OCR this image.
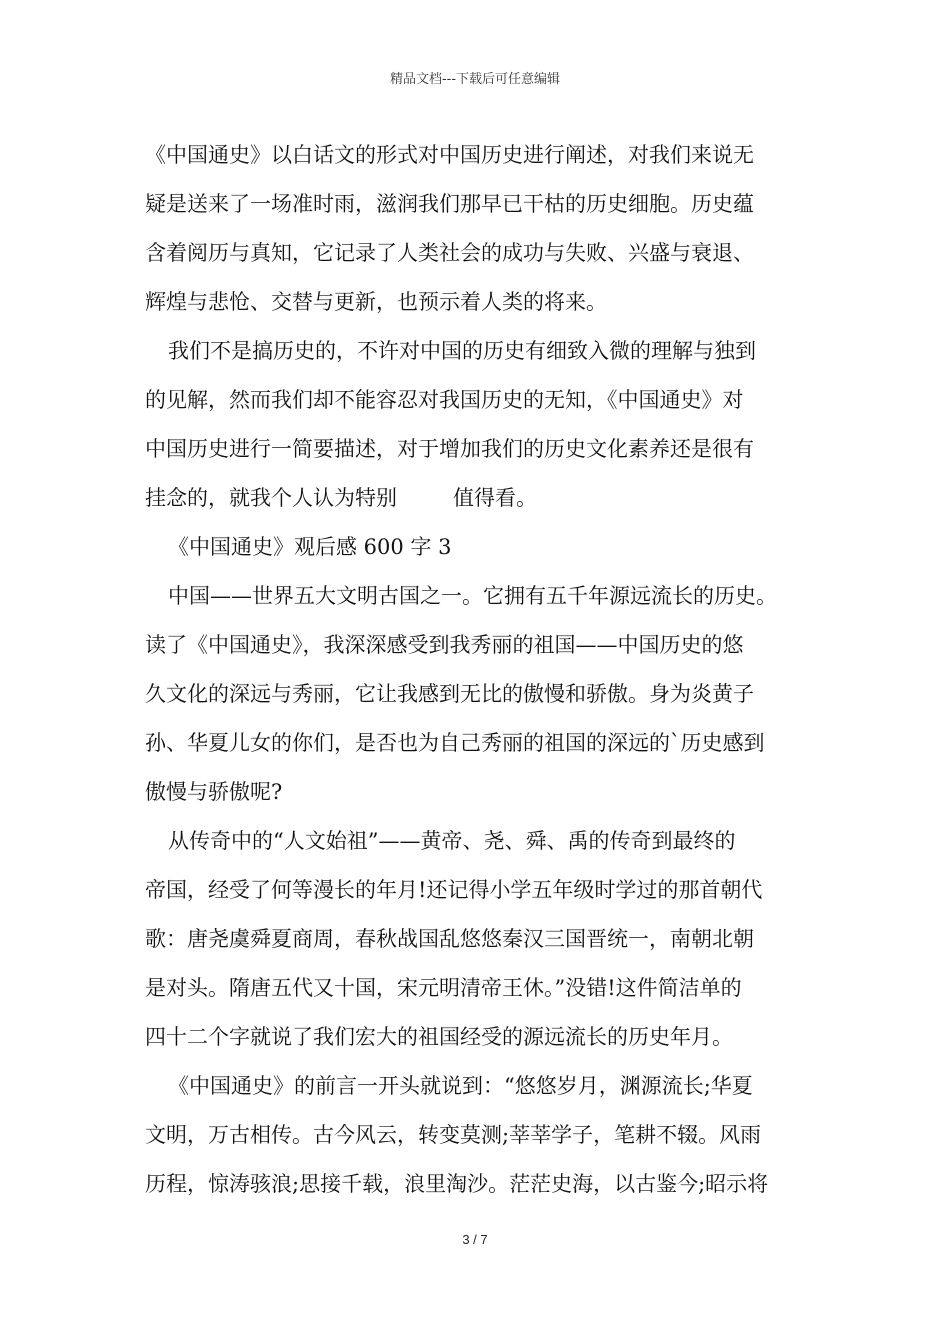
精品文档---下载后可任意编辑
《中国通史》以白话文的形式对中国历史进行阐述，对我们来说无
疑是送来了一场准时雨，滋润我们那早已干枯的历史细胞。历史蕴
含着阅历与真知，它记录了人类社会的成功与失败、兴盛与衰退、
辉煌与悲怆、交替与更新，也预示着人类的将来。
我们不是搞历史的，不许对中国的历史有细致入微的理解与独到
的见解，然而我们却不能容忍对我国历史的无知，《中国通史》对
中国历史进行一简要描述，对于增加我们的历史文化素养还是很有
挂念的，就我个人认为特别	值得看。
《中国通史》观后感 600 字 3
中国——世界五大文明古国之一。它拥有五千年源远流长的历史。
读了《中国通史》，我深深感受到我秀丽的祖国——中国历史的悠
久文化的深远与秀丽，它让我感到无比的傲慢和骄傲。身为炎黄子
孙、华夏儿女的你们，是否也为自己秀丽的祖国的深远的`历史感到
傲慢与骄傲呢?
从传奇中的“人文始祖”——黄帝、尧、舜、禹的传奇到最终的
帝国，经受了何等漫长的年月!还记得小学五年级时学过的那首朝代
歌：唐尧虞舜夏商周，春秋战国乱悠悠秦汉三国晋统一，南朝北朝
是对头。隋唐五代又十国，宋元明清帝王休。”没错!这件简洁单的
四十二个字就说了我们宏大的祖国经受的源远流长的历史年月。
《中国通史》的前言一开头就说到：“悠悠岁月，渊源流长;华夏
文明，万古相传。古今风云，转变莫测;莘莘学子，笔耕不辍。风雨
历程，惊涛骇浪;思接千载，浪里淘沙。茫茫史海，以古鉴今;昭示将
3 / 7
